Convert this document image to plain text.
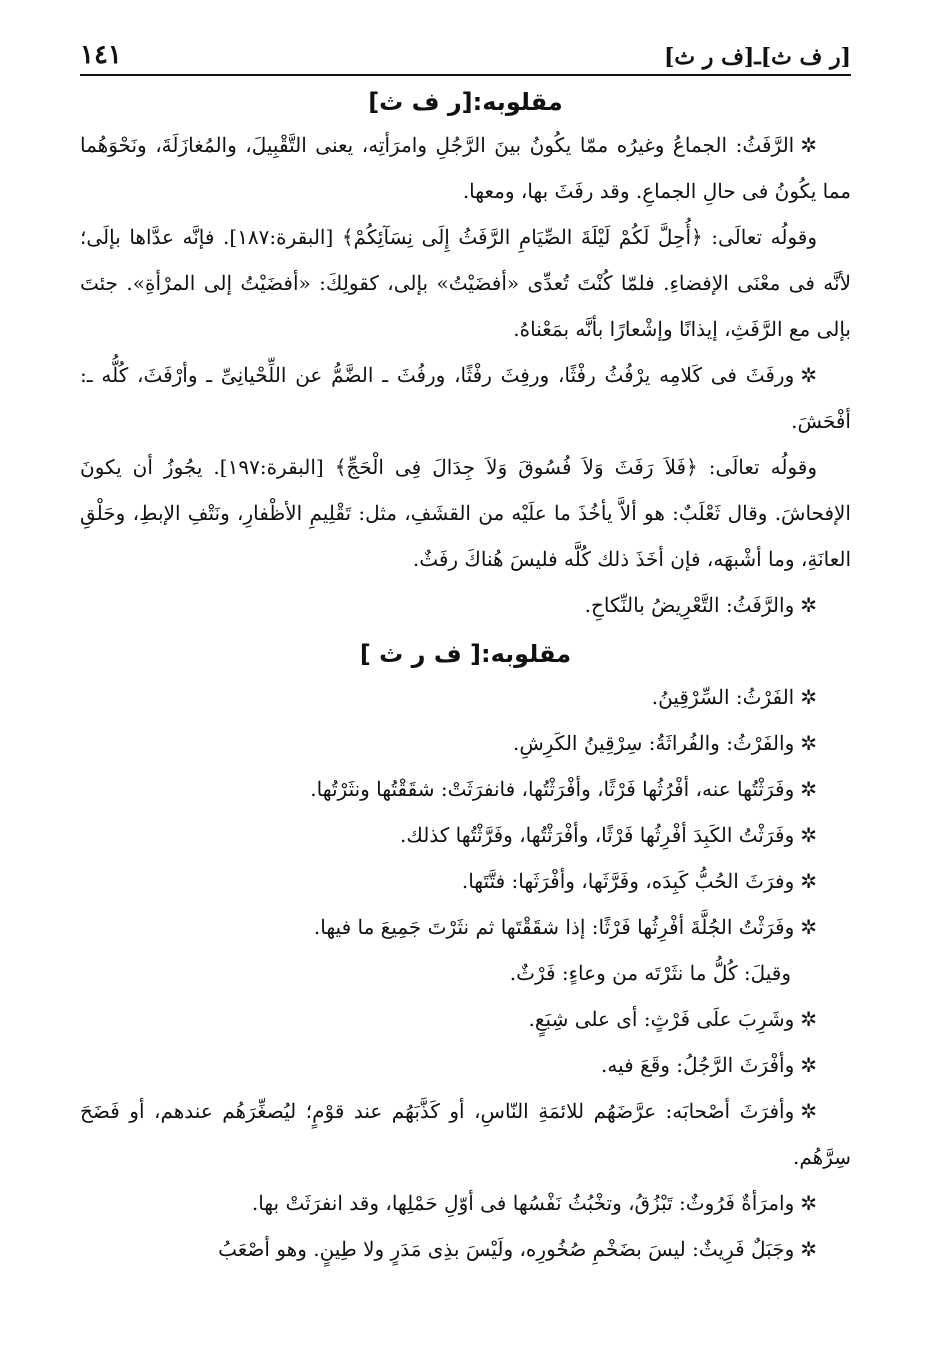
[ر ف ث]ـ[ف ر ث]
١٤١
مقلوبه:[ر ف ث]

✲الرَّفَثُ: الجماعُ وغيرُه ممّا يكُونُ بينَ الرَّجُلِ وامرَأتِه، يعنى التَّقْبِيلَ، والمُغازَلَةَ، ونَحْوَهُما مما يكُونُ فى حالِ الجماعِ. وقد رفَثَ بها، ومعها.

وقولُه تعالَى: ﴿أُحِلَّ لَكُمْ لَيْلَةَ الصِّيَامِ الرَّفَثُ إِلَى نِسَآئِكُمْ﴾ [البقرة:١٨٧]. فإنَّه عدَّاها بإلَى؛ لأنَّه فى معْنَى الإفضاءِ. فلمّا كُنْتَ تُعدِّى «أفضَيْتُ» بإلى، كقولِكَ: «أفضَيْتُ إلى المرْأةِ». جئتَ بإلى مع الرَّفَثِ، إيذانًا وإشْعارًا بأنَّه بمَعْناهُ.

✲ورفَثَ فى كَلامِه يرْفُثُ رفْثًا، ورفِثَ رفْثًا، ورفُثَ ـ الضَّمُّ عن اللِّحْيانِىِّ ـ وأرْفَثَ، كُلُّه ـ: أفْحَشَ.

وقولُه تعالَى: ﴿فَلاَ رَفَثَ وَلاَ فُسُوقَ وَلاَ جِدَالَ فِى الْحَجِّ﴾ [البقرة:١٩٧]. يجُوزُ أن يكونَ الإفحاشَ. وقال ثَعْلَبٌ: هو ألاَّ يأخُذَ ما علَيْه من القشَفِ، مثل: تَقْلِيمِ الأظْفارِ، ونَتْفِ الإبطِ، وحَلْقِ العانَةِ، وما أشْبهَه، فإن أخَذَ ذلك كُلَّه فليسَ هُناكَ رفَثٌ.

✲والرَّفَثُ: التَّعْرِيضُ بالنِّكاحِ.

مقلوبه:[ ف ر ث ]

✲الفَرْثُ: السِّرْقِينُ.

✲والفَرْثُ: والفُراثَةُ: سِرْقِينُ الكَرِشِ.

✲وفَرَثْتُها عنه، أفْرُثُها فَرْثًا، وأفْرَثْتُها، فانفرَثَتْ: شقَقْتُها ونثَرْتُها.

✲وفَرَثْتُ الكَبِدَ أفْرِثُها فَرْثًا، وأفْرَثْتُها، وفَرَّثْتُها كذلك.

✲وفرَثَ الحُبُّ كَبِدَه، وفَرَّثَها، وأفْرَثَها: فتَّتَها.

✲وفَرَثْتُ الجُلَّةَ أفْرِثُها فَرْثًا: إذا شقَقْتَها ثم نثَرْتَ جَمِيعَ ما فيها.

وقيلَ: كُلُّ ما نثَرْتَه من وعاءٍ: فَرْثٌ.

✲وشَرِبَ علَى فَرْثٍ: أى على شِبَعٍ.

✲وأفْرَثَ الرَّجُلُ: وقَعَ فيه.

✲وأفرَثَ أصْحابَه: عرَّضَهُم للائمَةِ النّاسِ، أو كَذَّبَهُم عند قوْمٍ؛ ليُصغِّرَهُم عندهم، أو فَضَحَ سِرَّهُم.

✲وامرَأةٌ فَرُوثٌ: تَبْزُقُ، وتخْبُثُ نَفْسُها فى أوّلِ حَمْلِها، وقد انفرَثَتْ بها.

✲وجَبَلٌ فَرِيثٌ: ليسَ بضَخْمِ صُخُورِه، ولَيْسَ بذِى مَدَرٍ ولا طِينٍ. وهو أصْعَبُ
